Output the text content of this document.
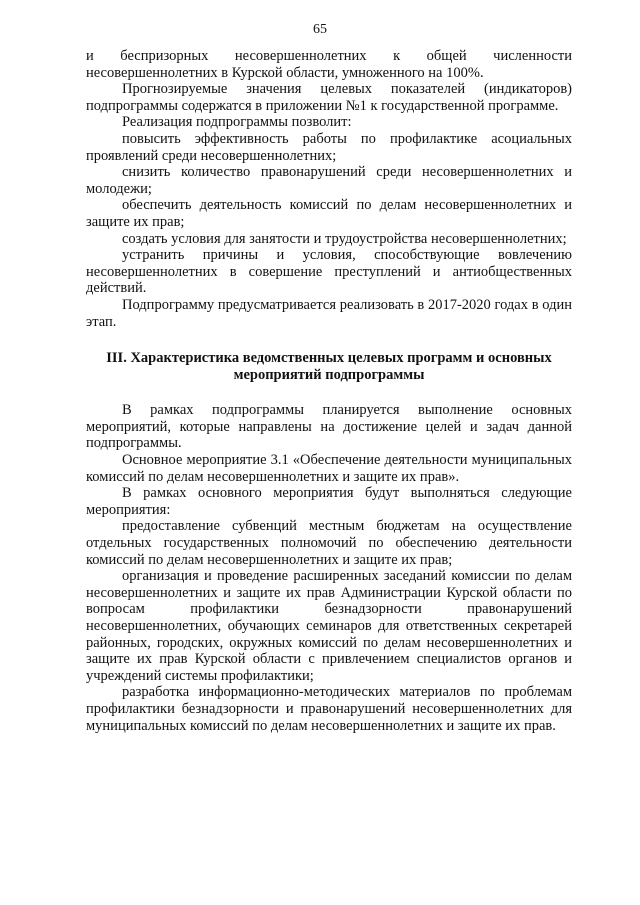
65

и беспризорных несовершеннолетних к общей численности несовершеннолетних в Курской области, умноженного на 100%.

Прогнозируемые значения целевых показателей (индикаторов) подпрограммы содержатся в приложении №1 к государственной программе.

Реализация подпрограммы позволит:

повысить эффективность работы по профилактике асоциальных проявлений среди несовершеннолетних;

снизить количество правонарушений среди несовершеннолетних и молодежи;

обеспечить деятельность комиссий по делам несовершеннолетних и защите их прав;

создать условия для занятости и трудоустройства несовершеннолетних;

устранить причины и условия, способствующие вовлечению несовершеннолетних в совершение преступлений и антиобщественных действий.

Подпрограмму предусматривается реализовать в 2017-2020 годах в один этап.

III. Характеристика ведомственных целевых программ и основных мероприятий подпрограммы

В рамках подпрограммы планируется выполнение основных мероприятий, которые направлены на достижение целей и задач данной подпрограммы.

Основное мероприятие 3.1 «Обеспечение деятельности муниципальных комиссий по делам несовершеннолетних и защите их прав».

В рамках основного мероприятия будут выполняться следующие мероприятия:

предоставление субвенций местным бюджетам на осуществление отдельных государственных полномочий по обеспечению деятельности комиссий по делам несовершеннолетних и защите их прав;

организация и проведение расширенных заседаний комиссии по делам несовершеннолетних и защите их прав Администрации Курской области по вопросам профилактики безнадзорности правонарушений несовершеннолетних, обучающих семинаров для ответственных секретарей районных, городских, окружных комиссий по делам несовершеннолетних и защите их прав Курской области с привлечением специалистов органов и учреждений системы профилактики;

разработка информационно-методических материалов по проблемам профилактики безнадзорности и правонарушений несовершеннолетних для муниципальных комиссий по делам несовершеннолетних и защите их прав.
